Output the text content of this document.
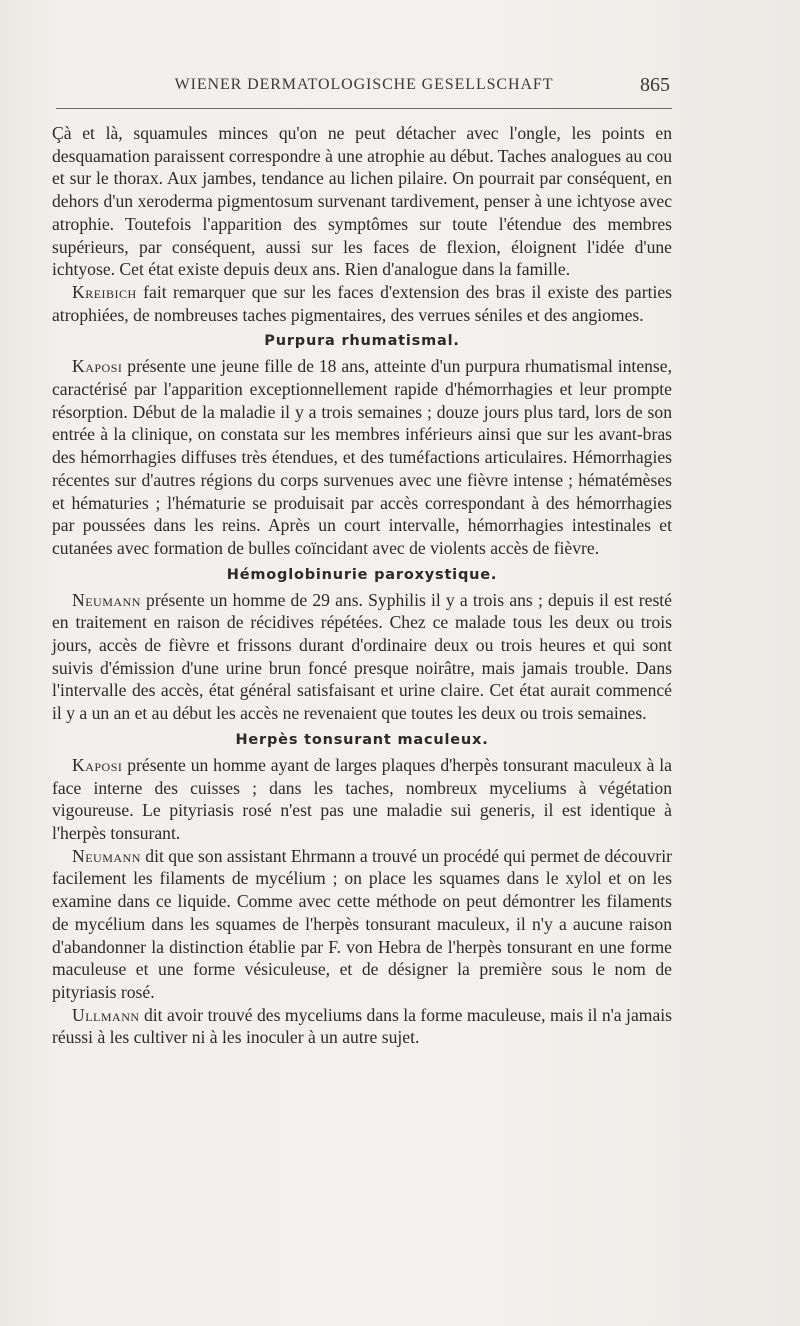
WIENER DERMATOLOGISCHE GESELLSCHAFT	865

Çà et là, squamules minces qu'on ne peut détacher avec l'ongle, les points en desquamation paraissent correspondre à une atrophie au début. Taches analogues au cou et sur le thorax. Aux jambes, tendance au lichen pilaire. On pourrait par conséquent, en dehors d'un xeroderma pigmentosum survenant tardivement, penser à une ichtyose avec atrophie. Toutefois l'apparition des symptômes sur toute l'étendue des membres supérieurs, par conséquent, aussi sur les faces de flexion, éloignent l'idée d'une ichtyose. Cet état existe depuis deux ans. Rien d'analogue dans la famille.

Kreibich fait remarquer que sur les faces d'extension des bras il existe des parties atrophiées, de nombreuses taches pigmentaires, des verrues séniles et des angiomes.

Purpura rhumatismal.

Kaposi présente une jeune fille de 18 ans, atteinte d'un purpura rhumatismal intense, caractérisé par l'apparition exceptionnellement rapide d'hémorrhagies et leur prompte résorption. Début de la maladie il y a trois semaines ; douze jours plus tard, lors de son entrée à la clinique, on constata sur les membres inférieurs ainsi que sur les avant-bras des hémorrhagies diffuses très étendues, et des tuméfactions articulaires. Hémorrhagies récentes sur d'autres régions du corps survenues avec une fièvre intense ; hématémèses et hématuries ; l'hématurie se produisait par accès correspondant à des hémorrhagies par poussées dans les reins. Après un court intervalle, hémorrhagies intestinales et cutanées avec formation de bulles coïncidant avec de violents accès de fièvre.

Hémoglobinurie paroxystique.

Neumann présente un homme de 29 ans. Syphilis il y a trois ans ; depuis il est resté en traitement en raison de récidives répétées. Chez ce malade tous les deux ou trois jours, accès de fièvre et frissons durant d'ordinaire deux ou trois heures et qui sont suivis d'émission d'une urine brun foncé presque noirâtre, mais jamais trouble. Dans l'intervalle des accès, état général satisfaisant et urine claire. Cet état aurait commencé il y a un an et au début les accès ne revenaient que toutes les deux ou trois semaines.

Herpès tonsurant maculeux.

Kaposi présente un homme ayant de larges plaques d'herpès tonsurant maculeux à la face interne des cuisses ; dans les taches, nombreux myceliums à végétation vigoureuse. Le pityriasis rosé n'est pas une maladie sui generis, il est identique à l'herpès tonsurant.

Neumann dit que son assistant Ehrmann a trouvé un procédé qui permet de découvrir facilement les filaments de mycélium ; on place les squames dans le xylol et on les examine dans ce liquide. Comme avec cette méthode on peut démontrer les filaments de mycélium dans les squames de l'herpès tonsurant maculeux, il n'y a aucune raison d'abandonner la distinction établie par F. von Hebra de l'herpès tonsurant en une forme maculeuse et une forme vésiculeuse, et de désigner la première sous le nom de pityriasis rosé.

Ullmann dit avoir trouvé des myceliums dans la forme maculeuse, mais il n'a jamais réussi à les cultiver ni à les inoculer à un autre sujet.
